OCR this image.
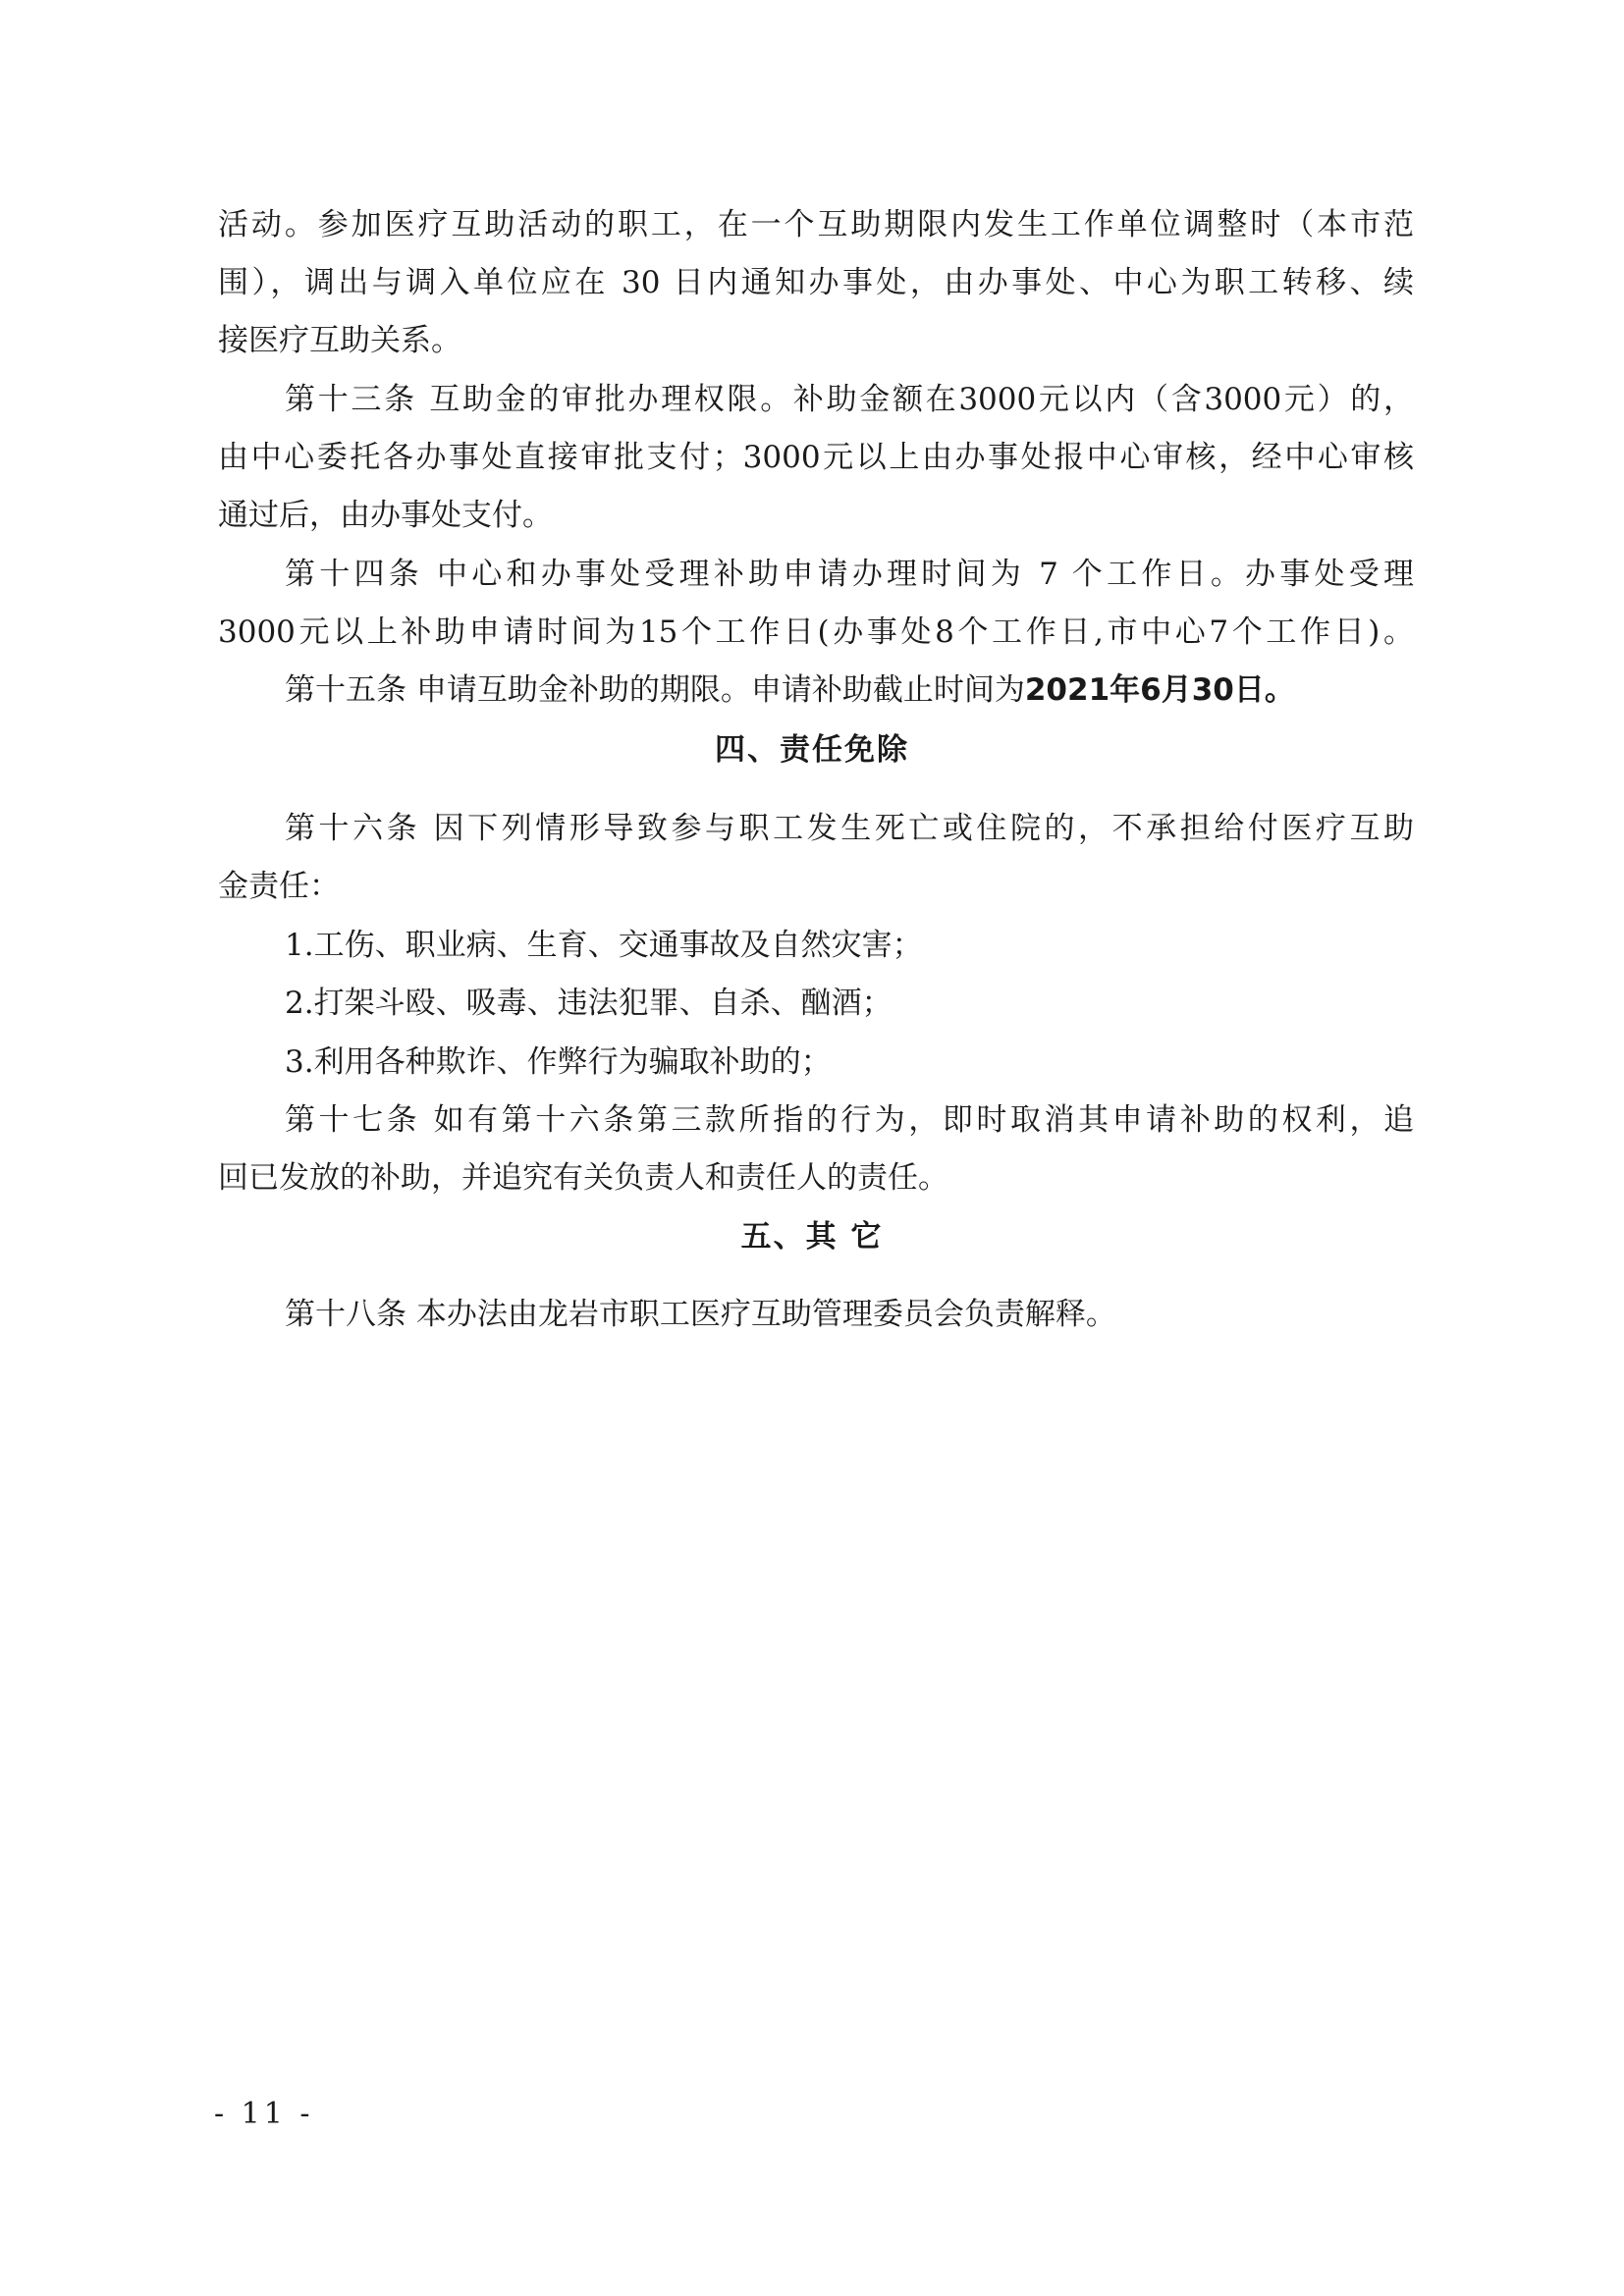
活动。参加医疗互助活动的职工，在一个互助期限内发生工作单位调整时（本市范
围），调出与调入单位应在 30 日内通知办事处，由办事处、中心为职工转移、续
接医疗互助关系。
第十三条 互助金的审批办理权限。补助金额在3000元以内（含3000元）的，
由中心委托各办事处直接审批支付；3000元以上由办事处报中心审核，经中心审核
通过后，由办事处支付。
第十四条 中心和办事处受理补助申请办理时间为 7 个工作日。办事处受理
3000元以上补助申请时间为15个工作日(办事处8个工作日,市中心7个工作日)。
第十五条 申请互助金补助的期限。申请补助截止时间为2021年6月30日。
四、责任免除
第十六条 因下列情形导致参与职工发生死亡或住院的，不承担给付医疗互助
金责任：
1.工伤、职业病、生育、交通事故及自然灾害；
2.打架斗殴、吸毒、违法犯罪、自杀、酗酒；
3.利用各种欺诈、作弊行为骗取补助的；
第十七条 如有第十六条第三款所指的行为，即时取消其申请补助的权利，追
回已发放的补助，并追究有关负责人和责任人的责任。
五、其 它
第十八条 本办法由龙岩市职工医疗互助管理委员会负责解释。
- 11 -
